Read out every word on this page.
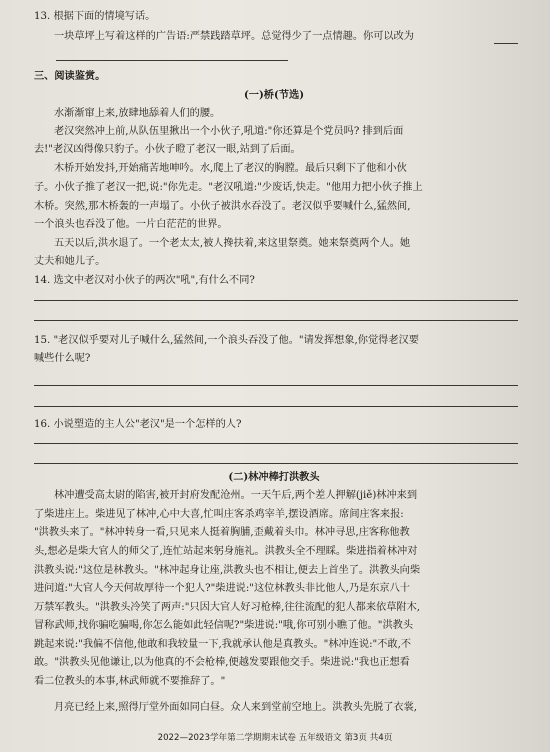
13. 根据下面的情境写话。
一块草坪上写着这样的广告语:严禁践踏草坪。总觉得少了一点情趣。你可以改为
三、阅读鉴赏。
(一)桥(节选)
水渐渐窜上来,放肆地舔着人们的腰。
老汉突然冲上前,从队伍里揪出一个小伙子,吼道:"你还算是个党员吗? 排到后面
去!"老汉凶得像只豹子。小伙子瞪了老汉一眼,站到了后面。
木桥开始发抖,开始痛苦地呻吟。水,爬上了老汉的胸膛。最后只剩下了他和小伙
子。小伙子推了老汉一把,说:"你先走。"老汉吼道:"少废话,快走。"他用力把小伙子推上
木桥。突然,那木桥轰的一声塌了。小伙子被洪水吞没了。老汉似乎要喊什么,猛然间,
一个浪头也吞没了他。一片白茫茫的世界。
五天以后,洪水退了。一个老太太,被人搀扶着,来这里祭奠。她来祭奠两个人。她
丈夫和她儿子。
14. 选文中老汉对小伙子的两次"吼",有什么不同?
15. "老汉似乎要对儿子喊什么,猛然间,一个浪头吞没了他。"请发挥想象,你觉得老汉要
喊些什么呢?
16. 小说塑造的主人公"老汉"是一个怎样的人?
(二)林冲棒打洪教头
林冲遭受高太尉的陷害,被开封府发配沧州。一天午后,两个差人押解(jiě)林冲来到
了柴进庄上。柴进见了林冲,心中大喜,忙叫庄客杀鸡宰羊,摆设酒席。席间庄客来报:
"洪教头来了。"林冲转身一看,只见来人挺着胸脯,歪戴着头巾。林冲寻思,庄客称他教
头,想必是柴大官人的师父了,连忙站起来躬身施礼。洪教头全不理睬。柴进指着林冲对
洪教头说:"这位是林教头。"林冲起身让座,洪教头也不相让,便去上首坐了。洪教头向柴
进问道:"大官人今天何故厚待一个犯人?"柴进说:"这位林教头非比他人,乃是东京八十
万禁军教头。"洪教头冷笑了两声:"只因大官人好习枪棒,往往流配的犯人都来依草附木,
冒称武师,找你骗吃骗喝,你怎么能如此轻信呢?"柴进说:"哦,你可别小瞧了他。"洪教头
跳起来说:"我偏不信他,他敢和我较量一下,我就承认他是真教头。"林冲连说:"不敢,不
敢。"洪教头见他谦让,以为他真的不会枪棒,便越发要跟他交手。柴进说:"我也正想看
看二位教头的本事,林武师就不要推辞了。"
月亮已经上来,照得厅堂外面如同白昼。众人来到堂前空地上。洪教头先脱了衣裳,
2022—2023学年第二学期期末试卷 五年级语文 第3页 共4页
